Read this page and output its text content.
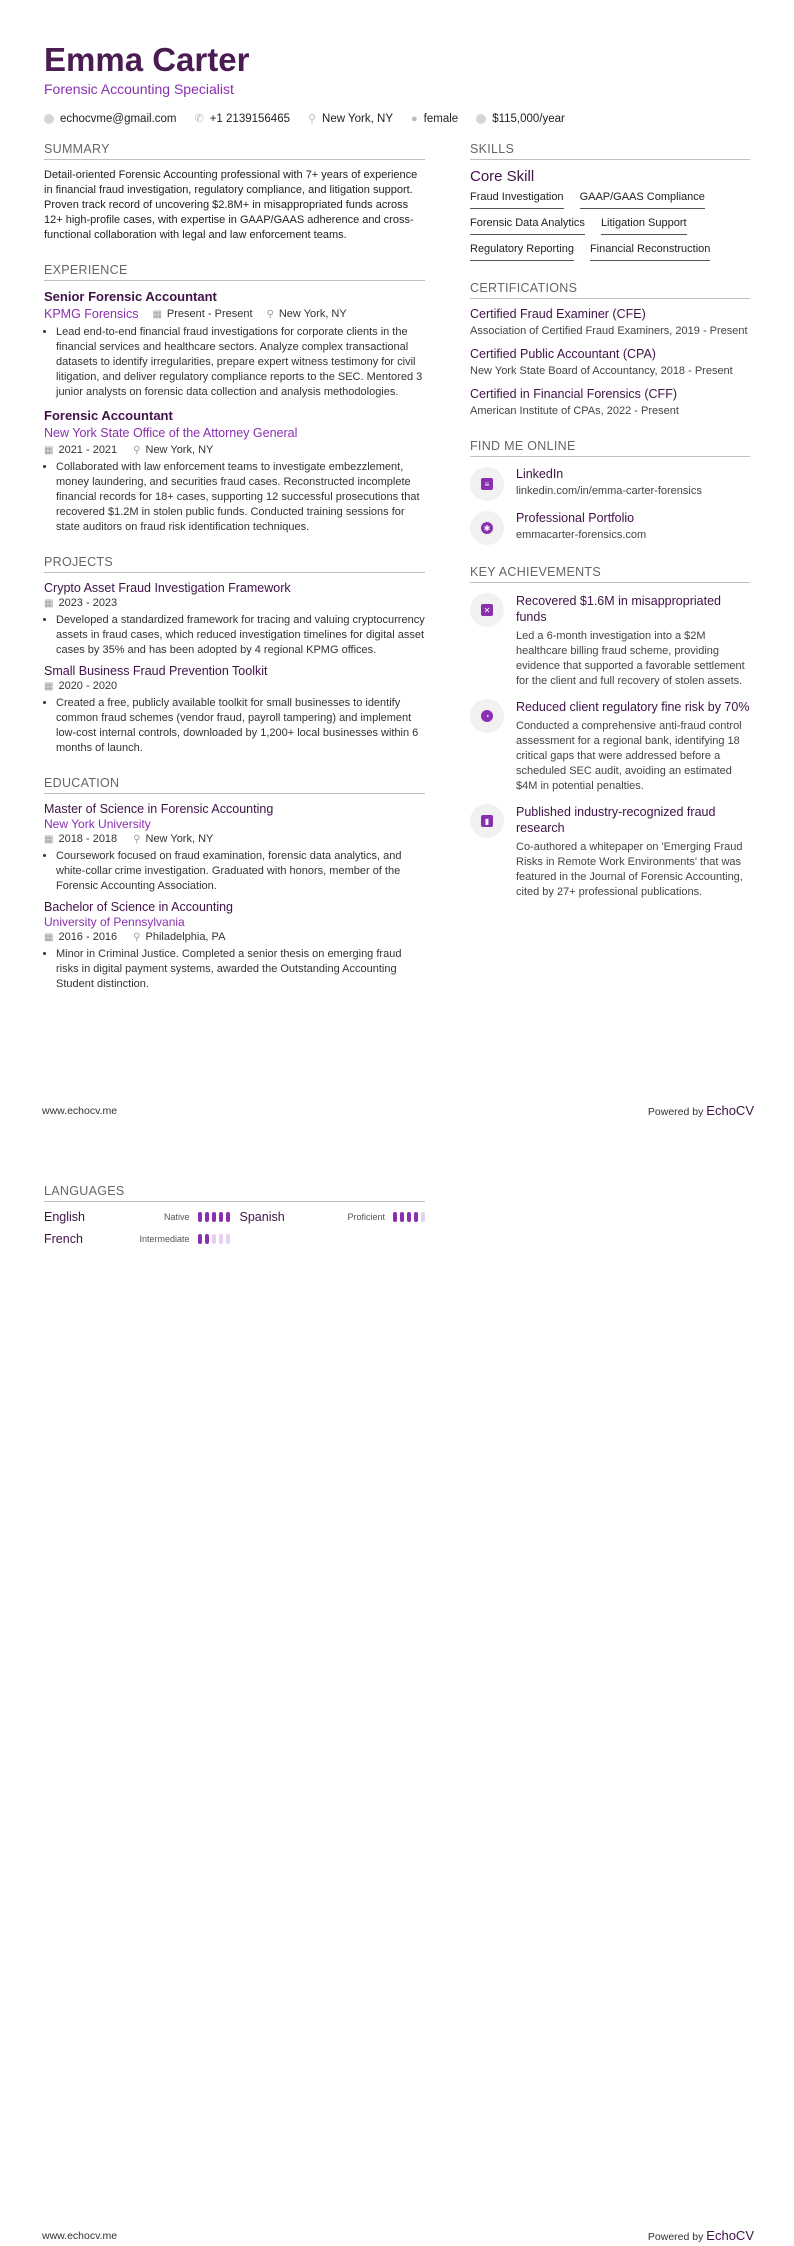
Emma Carter
Forensic Accounting Specialist
echocvme@gmail.com ✆ +1 2139156465 ⚲ New York, NY ● female	$115,000/year
SUMMARY

Detail-oriented Forensic Accounting professional with 7+ years of experience in financial fraud investigation, regulatory compliance, and litigation support. Proven track record of uncovering $2.8M+ in misappropriated funds across 12+ high-profile cases, with expertise in GAAP/GAAS adherence and cross-functional collaboration with legal and law enforcement teams.

EXPERIENCE
Senior Forensic Accountant
KPMG Forensics ▦ Present - Present ⚲ New York, NY
• Lead end-to-end financial fraud investigations for corporate clients in the financial services and healthcare sectors. Analyze complex transactional datasets to identify irregularities, prepare expert witness testimony for civil litigation, and deliver regulatory compliance reports to the SEC. Mentored 3 junior analysts on forensic data collection and analysis methodologies.
Forensic Accountant
New York State Office of the Attorney General
▦ 2021 - 2021 ⚲ New York, NY
• Collaborated with law enforcement teams to investigate embezzlement, money laundering, and securities fraud cases. Reconstructed incomplete financial records for 18+ cases, supporting 12 successful prosecutions that recovered $1.2M in stolen public funds. Conducted training sessions for state auditors on fraud risk identification techniques.
PROJECTS
Crypto Asset Fraud Investigation Framework
▦ 2023 - 2023
• Developed a standardized framework for tracing and valuing cryptocurrency assets in fraud cases, which reduced investigation timelines for digital asset cases by 35% and has been adopted by 4 regional KPMG offices.
Small Business Fraud Prevention Toolkit
▦ 2020 - 2020
• Created a free, publicly available toolkit for small businesses to identify common fraud schemes (vendor fraud, payroll tampering) and implement low-cost internal controls, downloaded by 1,200+ local businesses within 6 months of launch.
EDUCATION
Master of Science in Forensic Accounting
New York University
▦ 2018 - 2018 ⚲ New York, NY
• Coursework focused on fraud examination, forensic data analytics, and white-collar crime investigation. Graduated with honors, member of the Forensic Accounting Association.
Bachelor of Science in Accounting
University of Pennsylvania
▦ 2016 - 2016 ⚲ Philadelphia, PA
• Minor in Criminal Justice. Completed a senior thesis on emerging fraud risks in digital payment systems, awarded the Outstanding Accounting Student distinction.
SKILLS
Core Skill
Fraud Investigation GAAP/GAAS Compliance
Forensic Data Analytics Litigation Support
Regulatory Reporting Financial Reconstruction
CERTIFICATIONS
Certified Fraud Examiner (CFE)
Association of Certified Fraud Examiners, 2019 - Present
Certified Public Accountant (CPA)
New York State Board of Accountancy, 2018 - Present
Certified in Financial Forensics (CFF)
American Institute of CPAs, 2022 - Present
FIND ME ONLINE
≡
LinkedIn
linkedin.com/in/emma-carter-forensics
✱
Professional Portfolio
emmacarter-forensics.com
KEY ACHIEVEMENTS
✕
Recovered $1.6M in misappropriated funds
Led a 6-month investigation into a $2M healthcare billing fraud scheme, providing evidence that supported a favorable settlement for the client and full recovery of stolen assets.
◔
Reduced client regulatory fine risk by 70%
Conducted a comprehensive anti-fraud control assessment for a regional bank, identifying 18 critical gaps that were addressed before a scheduled SEC audit, avoiding an estimated $4M in potential penalties.
▮
Published industry-recognized fraud research
Co-authored a whitepaper on 'Emerging Fraud Risks in Remote Work Environments' that was featured in the Journal of Forensic Accounting, cited by 27+ professional publications.
www.echocv.me	Powered by EchoCV
LANGUAGES
English	Native	Spanish	Proficient
French	Intermediate
www.echocv.me	Powered by EchoCV
